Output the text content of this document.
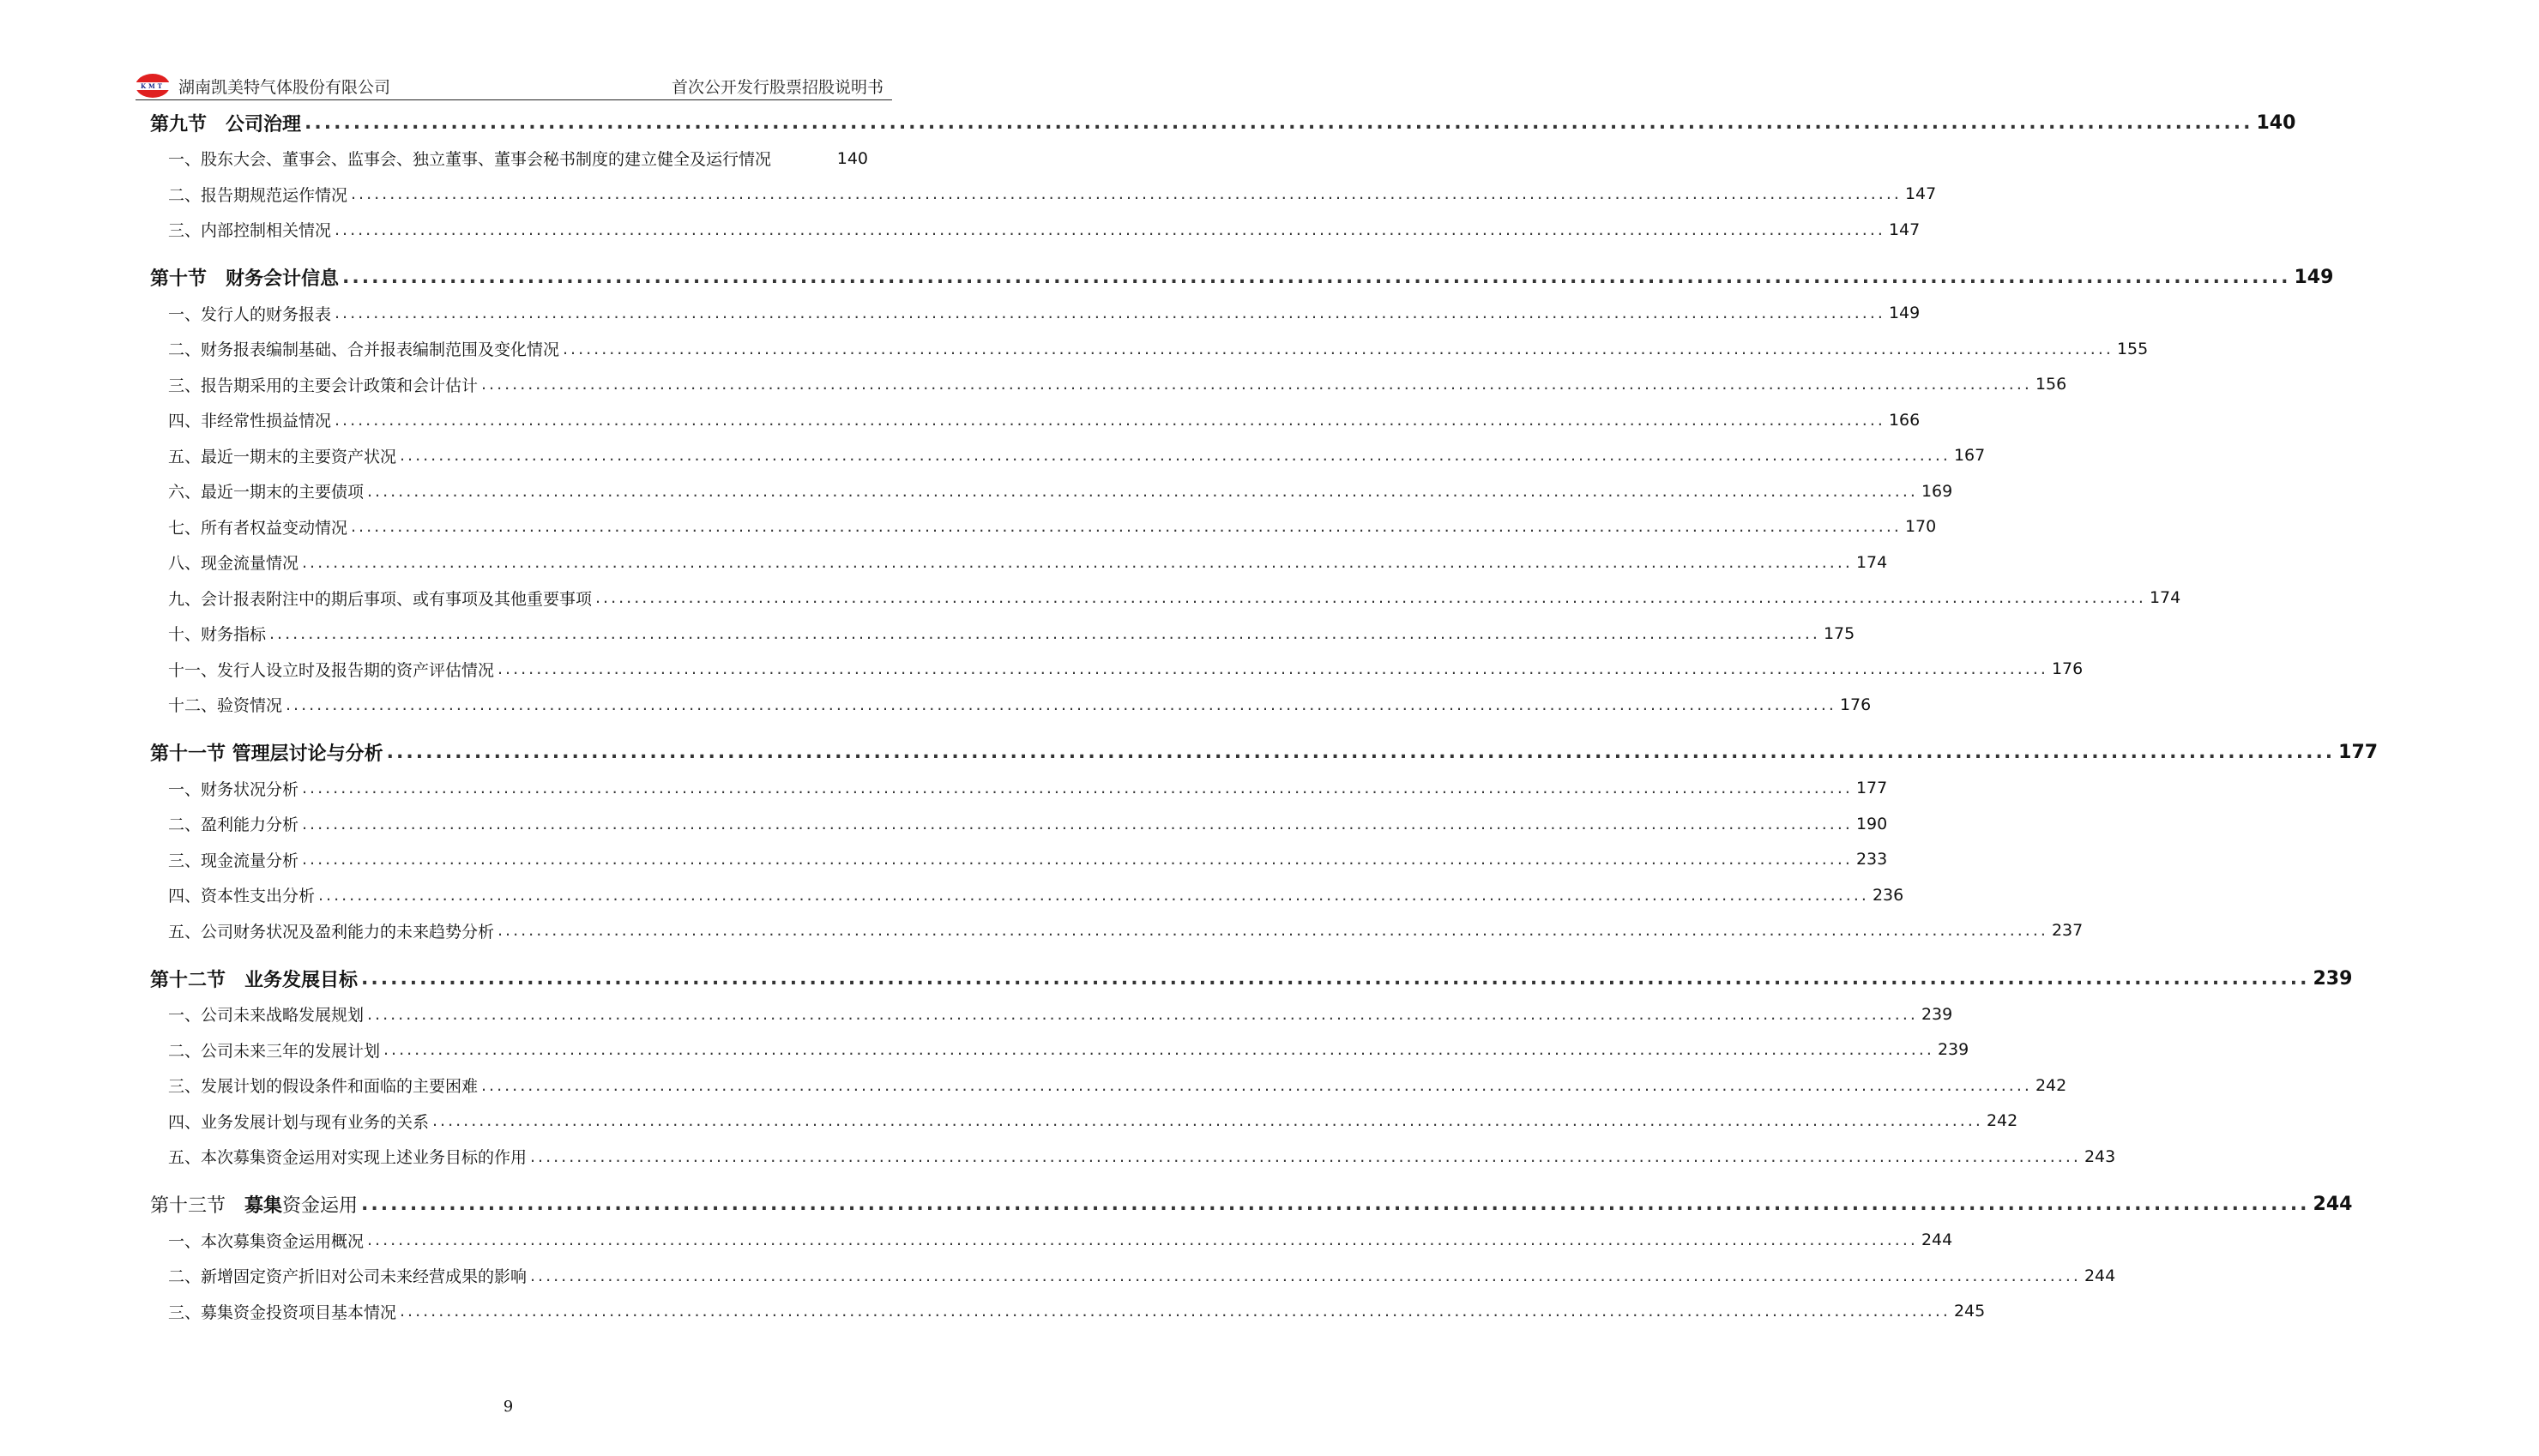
KMT 湖南凯美特气体股份有限公司	首次公开发行股票招股说明书
第九节　公司治理 ........................................................................................................................................................................................................ 140
一、股东大会、董事会、监事会、独立董事、董事会秘书制度的建立健全及运行情况	140
二、报告期规范运作情况 ........................................................................................................................................................................................................ 147
三、内部控制相关情况 ........................................................................................................................................................................................................ 147
第十节　财务会计信息 ........................................................................................................................................................................................................ 149
一、发行人的财务报表 ........................................................................................................................................................................................................ 149
二、财务报表编制基础、合并报表编制范围及变化情况 ........................................................................................................................................................................................................ 155
三、报告期采用的主要会计政策和会计估计 ........................................................................................................................................................................................................ 156
四、非经常性损益情况 ........................................................................................................................................................................................................ 166
五、最近一期末的主要资产状况 ........................................................................................................................................................................................................ 167
六、最近一期末的主要债项 ........................................................................................................................................................................................................ 169
七、所有者权益变动情况 ........................................................................................................................................................................................................ 170
八、现金流量情况 ........................................................................................................................................................................................................ 174
九、会计报表附注中的期后事项、或有事项及其他重要事项 ........................................................................................................................................................................................................ 174
十、财务指标 ........................................................................................................................................................................................................ 175
十一、发行人设立时及报告期的资产评估情况 ........................................................................................................................................................................................................ 176
十二、验资情况 ........................................................................................................................................................................................................ 176
第十一节 管理层讨论与分析 ........................................................................................................................................................................................................ 177
一、财务状况分析 ........................................................................................................................................................................................................ 177
二、盈利能力分析 ........................................................................................................................................................................................................ 190
三、现金流量分析 ........................................................................................................................................................................................................ 233
四、资本性支出分析 ........................................................................................................................................................................................................ 236
五、公司财务状况及盈利能力的未来趋势分析 ........................................................................................................................................................................................................ 237
第十二节　业务发展目标 ........................................................................................................................................................................................................ 239
一、公司未来战略发展规划 ........................................................................................................................................................................................................ 239
二、公司未来三年的发展计划 ........................................................................................................................................................................................................ 239
三、发展计划的假设条件和面临的主要困难 ........................................................................................................................................................................................................ 242
四、业务发展计划与现有业务的关系 ........................................................................................................................................................................................................ 242
五、本次募集资金运用对实现上述业务目标的作用 ........................................................................................................................................................................................................ 243
第十三节　募集资金运用 ........................................................................................................................................................................................................ 244
一、本次募集资金运用概况 ........................................................................................................................................................................................................ 244
二、新增固定资产折旧对公司未来经营成果的影响 ........................................................................................................................................................................................................ 244
三、募集资金投资项目基本情况 ........................................................................................................................................................................................................ 245
9
